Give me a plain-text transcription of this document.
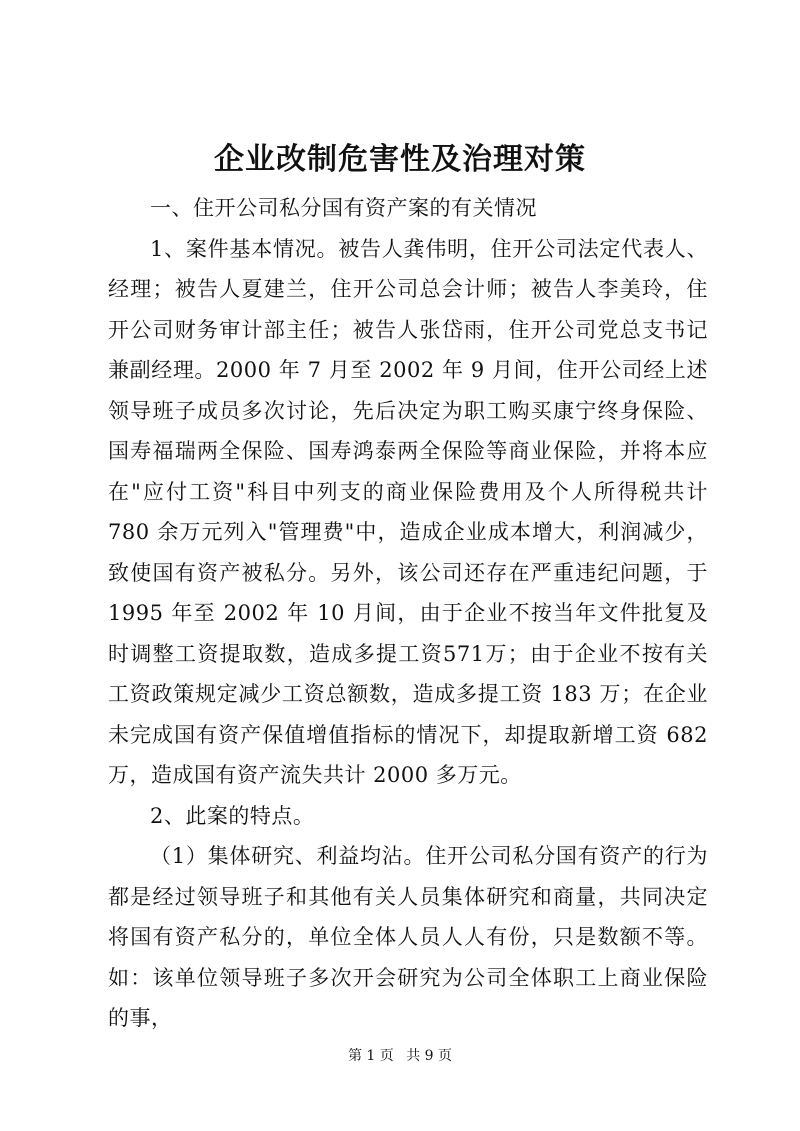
企业改制危害性及治理对策

一、住开公司私分国有资产案的有关情况

1、案件基本情况。被告人龚伟明，住开公司法定代表人、经理；被告人夏建兰，住开公司总会计师；被告人李美玲，住开公司财务审计部主任；被告人张岱雨，住开公司党总支书记兼副经理。2000 年 7 月至 2002 年 9 月间，住开公司经上述领导班子成员多次讨论，先后决定为职工购买康宁终身保险、国寿福瑞两全保险、国寿鸿泰两全保险等商业保险，并将本应在"应付工资"科目中列支的商业保险费用及个人所得税共计 780 余万元列入"管理费"中，造成企业成本增大，利润减少，致使国有资产被私分。另外，该公司还存在严重违纪问题，于 1995 年至 2002 年 10 月间，由于企业不按当年文件批复及时调整工资提取数，造成多提工资571万；由于企业不按有关工资政策规定减少工资总额数，造成多提工资 183 万；在企业未完成国有资产保值增值指标的情况下，却提取新增工资 682 万，造成国有资产流失共计 2000 多万元。

2、此案的特点。

（1）集体研究、利益均沾。住开公司私分国有资产的行为都是经过领导班子和其他有关人员集体研究和商量，共同决定将国有资产私分的，单位全体人员人人有份，只是数额不等。如：该单位领导班子多次开会研究为公司全体职工上商业保险的事，

第 1 页 共 9 页
